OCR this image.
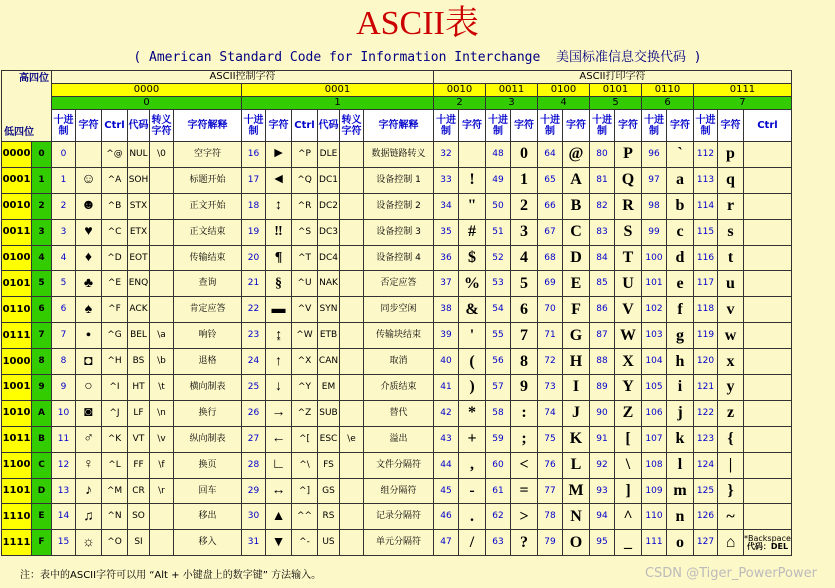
ASCII表
( American Standard Code for Information Interchange  美国标准信息交换代码 )
高四位
低四位		ASCII控制字符												ASCII打印字符												
		0000						0001						0010		0011		0100		0101		0110		0111		
		0						1						2		3		4		5		6		7		
		十进制	字符	Ctrl	代码	转义字符	字符解释	十进制	字符	Ctrl	代码	转义字符	字符解释	十进制	字符	十进制	字符	十进制	字符	十进制	字符	十进制	字符	十进制	字符	Ctrl
0000	0	0		^@	NUL	\0	空字符	16	►	^P	DLE		数据链路转义	32		48	0	64	@	80	P	96	`	112	p	
0001	1	1	☺	^A	SOH		标题开始	17	◄	^Q	DC1		设备控制 1	33	!	49	1	65	A	81	Q	97	a	113	q	
0010	2	2	☻	^B	STX		正文开始	18	↕	^R	DC2		设备控制 2	34	"	50	2	66	B	82	R	98	b	114	r	
0011	3	3	♥	^C	ETX		正文结束	19	‼	^S	DC3		设备控制 3	35	#	51	3	67	C	83	S	99	c	115	s	
0100	4	4	♦	^D	EOT		传输结束	20	¶	^T	DC4		设备控制 4	36	$	52	4	68	D	84	T	100	d	116	t	
0101	5	5	♣	^E	ENQ		查询	21	§	^U	NAK		否定应答	37	%	53	5	69	E	85	U	101	e	117	u	
0110	6	6	♠	^F	ACK		肯定应答	22	▬	^V	SYN		同步空闲	38	&	54	6	70	F	86	V	102	f	118	v	
0111	7	7	•	^G	BEL	\a	响铃	23	↨	^W	ETB		传输块结束	39	'	55	7	71	G	87	W	103	g	119	w	
1000	8	8	◘	^H	BS	\b	退格	24	↑	^X	CAN		取消	40	(	56	8	72	H	88	X	104	h	120	x	
1001	9	9	○	^I	HT	\t	横向制表	25	↓	^Y	EM		介质结束	41	)	57	9	73	I	89	Y	105	i	121	y	
1010	A	10	◙	^J	LF	\n	换行	26	→	^Z	SUB		替代	42	*	58	:	74	J	90	Z	106	j	122	z	
1011	B	11	♂	^K	VT	\v	纵向制表	27	←	^[	ESC	\e	溢出	43	+	59	;	75	K	91	[	107	k	123	{	
1100	C	12	♀	^L	FF	\f	换页	28	∟	^\	FS		文件分隔符	44	,	60	<	76	L	92	\	108	l	124	|	
1101	D	13	♪	^M	CR	\r	回车	29	↔	^]	GS		组分隔符	45	-	61	=	77	M	93	]	109	m	125	}	
1110	E	14	♫	^N	SO		移出	30	▲	^^	RS		记录分隔符	46	.	62	>	78	N	94	^	110	n	126	~	
1111	F	15	☼	^O	SI		移入	31	▼	^-	US		单元分隔符	47	/	63	?	79	O	95	_	111	o	127	⌂	*Backspace
代码：DEL
注：表中的ASCII字符可以用 “Alt + 小键盘上的数字键” 方法输入。	CSDN @Tiger_PowerPower
